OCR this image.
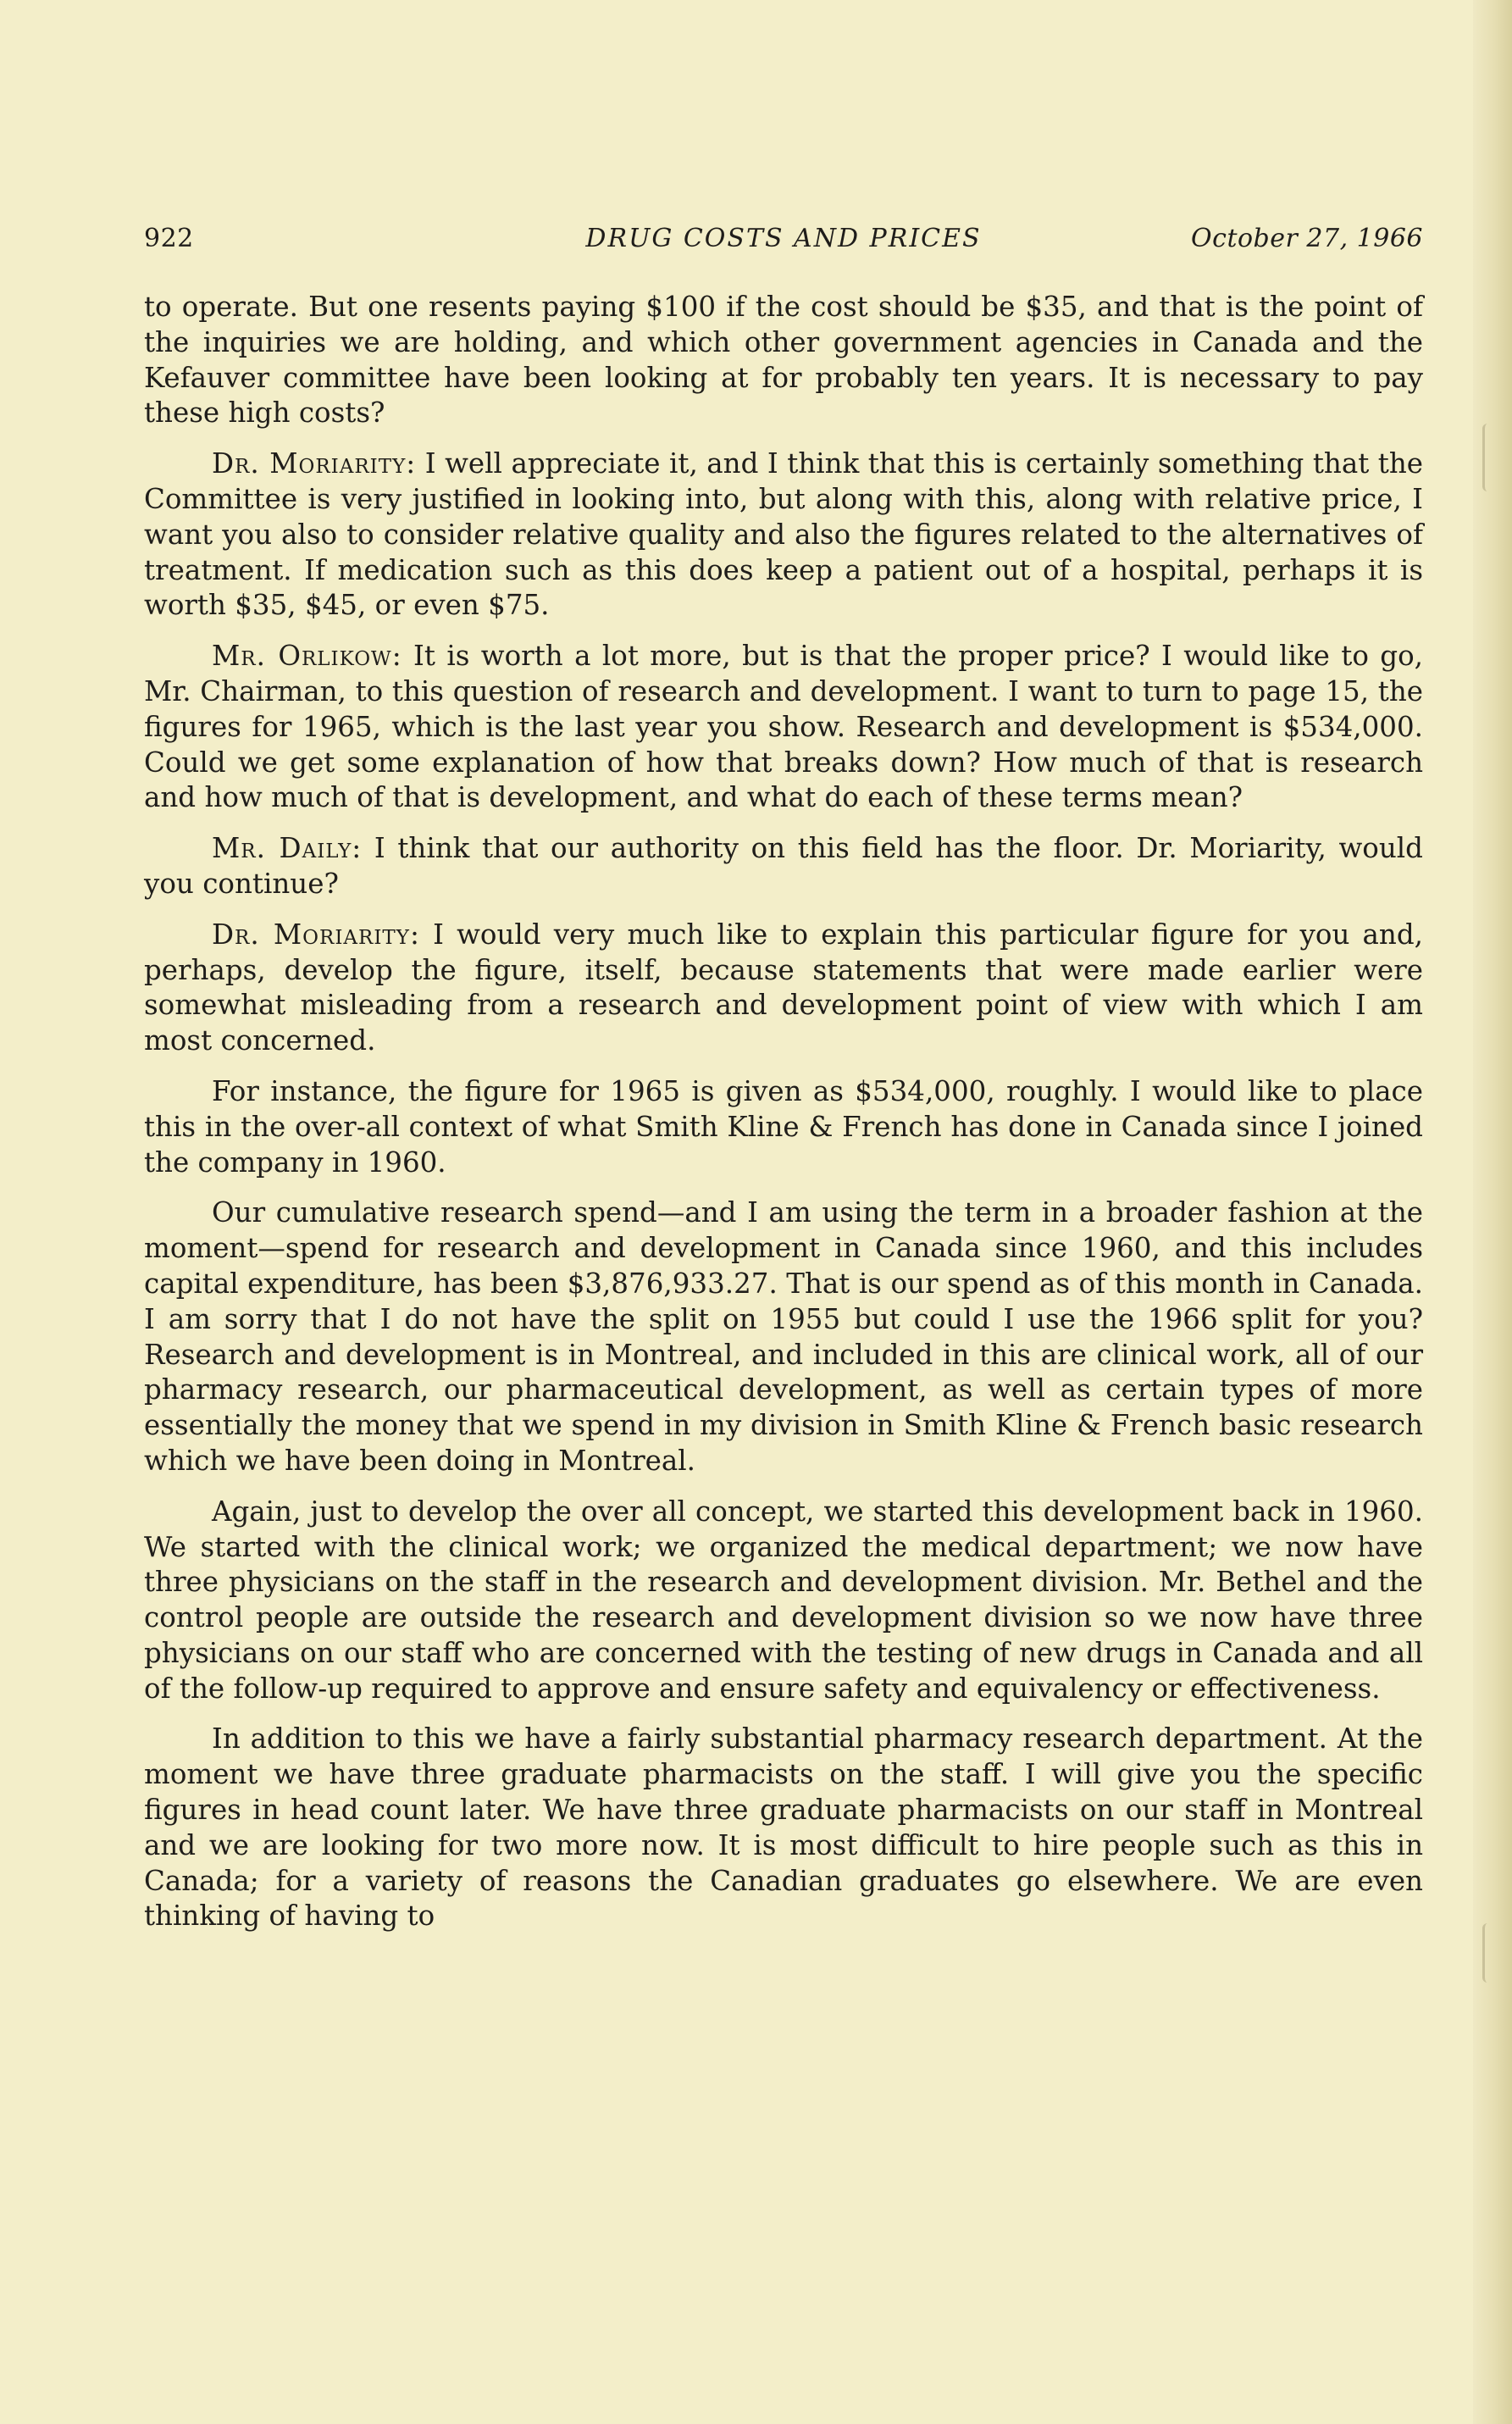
922	DRUG COSTS AND PRICES	October 27, 1966

to operate. But one resents paying $100 if the cost should be $35, and that is the point of the inquiries we are holding, and which other government agencies in Canada and the Kefauver committee have been looking at for probably ten years. It is necessary to pay these high costs?

Dr. Moriarity: I well appreciate it, and I think that this is certainly something that the Committee is very justified in looking into, but along with this, along with relative price, I want you also to consider relative quality and also the figures related to the alternatives of treatment. If medication such as this does keep a patient out of a hospital, perhaps it is worth $35, $45, or even $75.

Mr. Orlikow: It is worth a lot more, but is that the proper price? I would like to go, Mr. Chairman, to this question of research and development. I want to turn to page 15, the figures for 1965, which is the last year you show. Research and development is $534,000. Could we get some explanation of how that breaks down? How much of that is research and how much of that is development, and what do each of these terms mean?

Mr. Daily: I think that our authority on this field has the floor. Dr. Moriarity, would you continue?

Dr. Moriarity: I would very much like to explain this particular figure for you and, perhaps, develop the figure, itself, because statements that were made earlier were somewhat misleading from a research and development point of view with which I am most concerned.

For instance, the figure for 1965 is given as $534,000, roughly. I would like to place this in the over-all context of what Smith Kline & French has done in Canada since I joined the company in 1960.

Our cumulative research spend—and I am using the term in a broader fashion at the moment—spend for research and development in Canada since 1960, and this includes capital expenditure, has been $3,876,933.27. That is our spend as of this month in Canada. I am sorry that I do not have the split on 1955 but could I use the 1966 split for you? Research and development is in Montreal, and included in this are clinical work, all of our pharmacy research, our pharmaceutical development, as well as certain types of more essentially the money that we spend in my division in Smith Kline & French basic research which we have been doing in Montreal.

Again, just to develop the over all concept, we started this development back in 1960. We started with the clinical work; we organized the medical department; we now have three physicians on the staff in the research and development division. Mr. Bethel and the control people are outside the research and development division so we now have three physicians on our staff who are concerned with the testing of new drugs in Canada and all of the follow-up required to approve and ensure safety and equivalency or effectiveness.

In addition to this we have a fairly substantial pharmacy research department. At the moment we have three graduate pharmacists on the staff. I will give you the specific figures in head count later. We have three graduate pharmacists on our staff in Montreal and we are looking for two more now. It is most difficult to hire people such as this in Canada; for a variety of reasons the Canadian graduates go elsewhere. We are even thinking of having to
